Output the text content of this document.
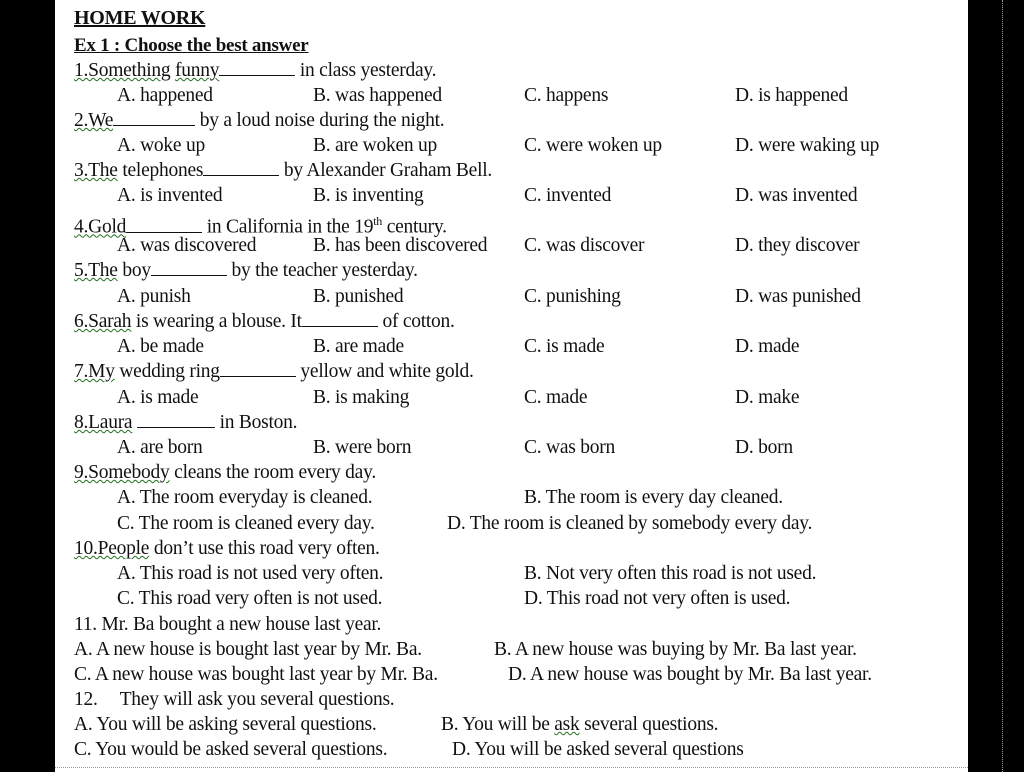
HOME WORK
Ex 1 : Choose the best answer
1.Something funny	in class yesterday.
A. happened	B. was happened	C. happens	D. is happened
2.We	by a loud noise during the night.
A. woke up	B. are woken up	C. were woken up	D. were waking up
3.The telephones	by Alexander Graham Bell.
A. is invented	B. is inventing	C. invented	D. was invented
4.Gold	in California in the 19th century.
A. was discovered	B. has been discovered C. was discover	D. they discover
5.The boy	by the teacher yesterday.
A. punish	B. punished	C. punishing	D. was punished
6.Sarah is wearing a blouse. It	of cotton.
A. be made	B. are made	C. is made	D. made
7.My wedding ring	yellow and white gold.
A. is made	B. is making	C. made	D. make
8.Laura	in Boston.
A. are born	B. were born	C. was born	D. born
9.Somebody cleans the room every day.
A. The room everyday is cleaned.	B. The room is every day cleaned.
C. The room is cleaned every day.	D. The room is cleaned by somebody every day.
10.People don’t use this road very often.
A. This road is not used very often.	B. Not very often this road is not used.
C. This road very often is not used.	D. This road not very often is used.
11. Mr. Ba bought a new house last year.
A. A new house is bought last year by Mr. Ba.	B. A new house was buying by Mr. Ba last year.
C. A new house was bought last year by Mr. Ba.	D. A new house was bought by Mr. Ba last year.
12. They will ask you several questions.
A. You will be asking several questions.	B. You will be ask several questions.
C. You would be asked several questions.	D. You will be asked several questions
